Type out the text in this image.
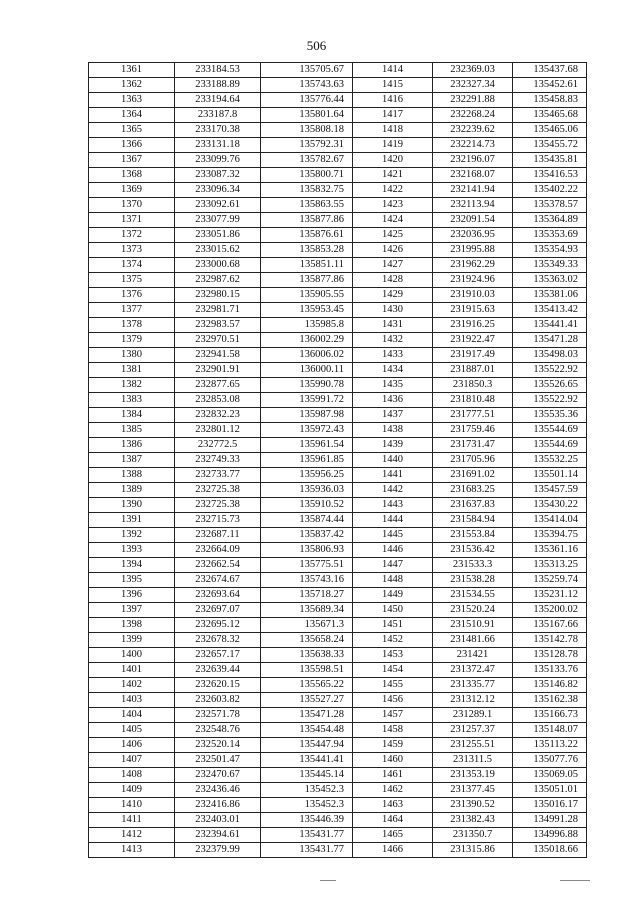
506
1361	233184.53	135705.67	1414	232369.03	135437.68
1362	233188.89	135743.63	1415	232327.34	135452.61
1363	233194.64	135776.44	1416	232291.88	135458.83
1364	233187.8	135801.64	1417	232268.24	135465.68
1365	233170.38	135808.18	1418	232239.62	135465.06
1366	233131.18	135792.31	1419	232214.73	135455.72
1367	233099.76	135782.67	1420	232196.07	135435.81
1368	233087.32	135800.71	1421	232168.07	135416.53
1369	233096.34	135832.75	1422	232141.94	135402.22
1370	233092.61	135863.55	1423	232113.94	135378.57
1371	233077.99	135877.86	1424	232091.54	135364.89
1372	233051.86	135876.61	1425	232036.95	135353.69
1373	233015.62	135853.28	1426	231995.88	135354.93
1374	233000.68	135851.11	1427	231962.29	135349.33
1375	232987.62	135877.86	1428	231924.96	135363.02
1376	232980.15	135905.55	1429	231910.03	135381.06
1377	232981.71	135953.45	1430	231915.63	135413.42
1378	232983.57	135985.8	1431	231916.25	135441.41
1379	232970.51	136002.29	1432	231922.47	135471.28
1380	232941.58	136006.02	1433	231917.49	135498.03
1381	232901.91	136000.11	1434	231887.01	135522.92
1382	232877.65	135990.78	1435	231850.3	135526.65
1383	232853.08	135991.72	1436	231810.48	135522.92
1384	232832.23	135987.98	1437	231777.51	135535.36
1385	232801.12	135972.43	1438	231759.46	135544.69
1386	232772.5	135961.54	1439	231731.47	135544.69
1387	232749.33	135961.85	1440	231705.96	135532.25
1388	232733.77	135956.25	1441	231691.02	135501.14
1389	232725.38	135936.03	1442	231683.25	135457.59
1390	232725.38	135910.52	1443	231637.83	135430.22
1391	232715.73	135874.44	1444	231584.94	135414.04
1392	232687.11	135837.42	1445	231553.84	135394.75
1393	232664.09	135806.93	1446	231536.42	135361.16
1394	232662.54	135775.51	1447	231533.3	135313.25
1395	232674.67	135743.16	1448	231538.28	135259.74
1396	232693.64	135718.27	1449	231534.55	135231.12
1397	232697.07	135689.34	1450	231520.24	135200.02
1398	232695.12	135671.3	1451	231510.91	135167.66
1399	232678.32	135658.24	1452	231481.66	135142.78
1400	232657.17	135638.33	1453	231421	135128.78
1401	232639.44	135598.51	1454	231372.47	135133.76
1402	232620.15	135565.22	1455	231335.77	135146.82
1403	232603.82	135527.27	1456	231312.12	135162.38
1404	232571.78	135471.28	1457	231289.1	135166.73
1405	232548.76	135454.48	1458	231257.37	135148.07
1406	232520.14	135447.94	1459	231255.51	135113.22
1407	232501.47	135441.41	1460	231311.5	135077.76
1408	232470.67	135445.14	1461	231353.19	135069.05
1409	232436.46	135452.3	1462	231377.45	135051.01
1410	232416.86	135452.3	1463	231390.52	135016.17
1411	232403.01	135446.39	1464	231382.43	134991.28
1412	232394.61	135431.77	1465	231350.7	134996.88
1413	232379.99	135431.77	1466	231315.86	135018.66
